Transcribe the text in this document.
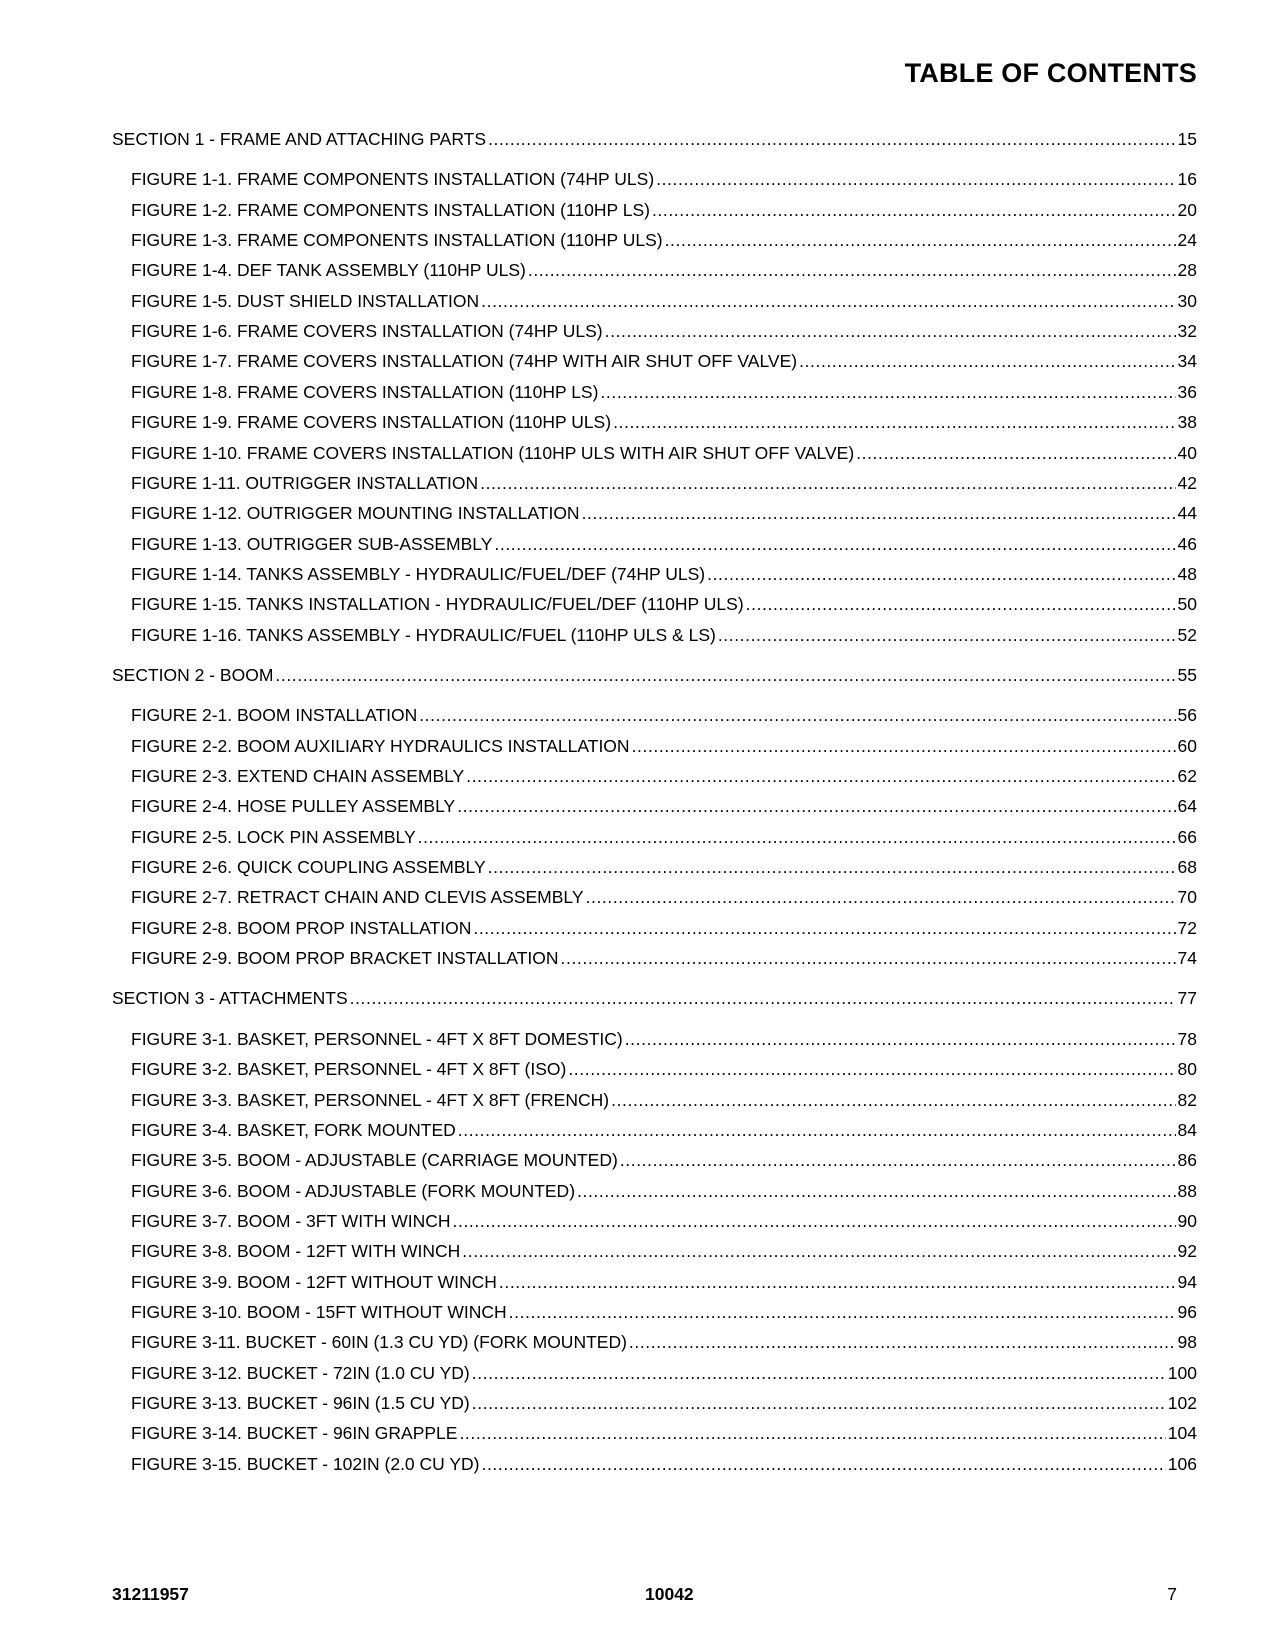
TABLE OF CONTENTS
SECTION 1 - FRAME AND ATTACHING PARTS .....	15
FIGURE 1-1. FRAME COMPONENTS INSTALLATION (74HP ULS) .....	16
FIGURE 1-2. FRAME COMPONENTS INSTALLATION (110HP LS) .....	20
FIGURE 1-3. FRAME COMPONENTS INSTALLATION (110HP ULS) .....	24
FIGURE 1-4. DEF TANK ASSEMBLY (110HP ULS) .....	28
FIGURE 1-5. DUST SHIELD INSTALLATION .....	30
FIGURE 1-6. FRAME COVERS INSTALLATION (74HP ULS) .....	32
FIGURE 1-7. FRAME COVERS INSTALLATION (74HP WITH AIR SHUT OFF VALVE) .....	34
FIGURE 1-8. FRAME COVERS INSTALLATION (110HP LS) .....	36
FIGURE 1-9. FRAME COVERS INSTALLATION (110HP ULS) .....	38
FIGURE 1-10. FRAME COVERS INSTALLATION (110HP ULS WITH AIR SHUT OFF VALVE) .....	40
FIGURE 1-11. OUTRIGGER INSTALLATION .....	42
FIGURE 1-12. OUTRIGGER MOUNTING INSTALLATION .....	44
FIGURE 1-13. OUTRIGGER SUB-ASSEMBLY .....	46
FIGURE 1-14. TANKS ASSEMBLY - HYDRAULIC/FUEL/DEF (74HP ULS) .....	48
FIGURE 1-15. TANKS INSTALLATION - HYDRAULIC/FUEL/DEF (110HP ULS) .....	50
FIGURE 1-16. TANKS ASSEMBLY - HYDRAULIC/FUEL (110HP ULS & LS) .....	52
SECTION 2 - BOOM .....	55
FIGURE 2-1. BOOM INSTALLATION .....	56
FIGURE 2-2. BOOM AUXILIARY HYDRAULICS INSTALLATION .....	60
FIGURE 2-3. EXTEND CHAIN ASSEMBLY .....	62
FIGURE 2-4. HOSE PULLEY ASSEMBLY .....	64
FIGURE 2-5. LOCK PIN ASSEMBLY .....	66
FIGURE 2-6. QUICK COUPLING ASSEMBLY .....	68
FIGURE 2-7. RETRACT CHAIN AND CLEVIS ASSEMBLY .....	70
FIGURE 2-8. BOOM PROP INSTALLATION .....	72
FIGURE 2-9. BOOM PROP BRACKET INSTALLATION .....	74
SECTION 3 - ATTACHMENTS .....	77
FIGURE 3-1. BASKET, PERSONNEL - 4FT X 8FT DOMESTIC) .....	78
FIGURE 3-2. BASKET, PERSONNEL - 4FT X 8FT (ISO) .....	80
FIGURE 3-3. BASKET, PERSONNEL - 4FT X 8FT (FRENCH) .....	82
FIGURE 3-4. BASKET, FORK MOUNTED .....	84
FIGURE 3-5. BOOM - ADJUSTABLE (CARRIAGE MOUNTED) .....	86
FIGURE 3-6. BOOM - ADJUSTABLE (FORK MOUNTED) .....	88
FIGURE 3-7. BOOM - 3FT WITH WINCH .....	90
FIGURE 3-8. BOOM - 12FT WITH WINCH .....	92
FIGURE 3-9. BOOM - 12FT WITHOUT WINCH .....	94
FIGURE 3-10. BOOM - 15FT WITHOUT WINCH .....	96
FIGURE 3-11. BUCKET - 60IN (1.3 CU YD) (FORK MOUNTED) .....	98
FIGURE 3-12. BUCKET - 72IN (1.0 CU YD) .....	100
FIGURE 3-13. BUCKET - 96IN (1.5 CU YD) .....	102
FIGURE 3-14. BUCKET - 96IN GRAPPLE .....	104
FIGURE 3-15. BUCKET - 102IN (2.0 CU YD) .....	106
31211957	10042	7
